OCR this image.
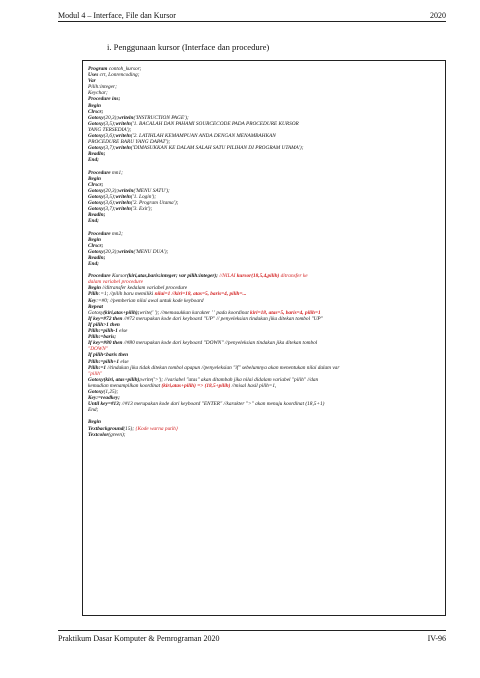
Modul 4 – Interface, File dan Kursor	2020
i. Penggunaan kursor (Interface dan procedure)
Program contoh_kursor;
Uses crt, Lonrencoding;
Var
Pilih:integer;
Keychar;
Procedure ins;
Begin
Clrscr;
Gotoxy(20,3);writeln('INSTRUCTION PAGE');
Gotoxy(3,5);writeln('1. BACALAH DAN PAHAMI SOURCECODE PADA PROCEDURE KURSOR
YANG TERSEDIA');
Gotoxy(3,6);writeln('2. LATIHLAH KEMAMPUAN ANDA DENGAN MENAMBAHKAN
PROCEDURE BARU YANG DAPAT');
Gotoxy(3,7);writeln('DIMASUKKAN KE DALAM SALAH SATU PILIHAN DI PROGRAM UTAMA');
Readln;
End;
Procedure mn1;
Begin
Clrscr;
Gotoxy(20,3);writeln('MENU SATU');
Gotoxy(3,5);writeln('1. Login');
Gotoxy(3,6);writeln('2. Program Utama');
Gotoxy(3,7);writeln('3. Exit');
Readln;
End;
Procedure mn2;
Begin
Clrscr;
Gotoxy(20,3);writeln('MENU DUA');
Readln;
End;
Procedure Kursor(kiri,atas,baris:integer; var pilih:integer); //NILAI kursor(18,5,4,pilih) ditransfer ke
dalam variabel procedure
Begin //ditransfer kedalam variabel procedure
Pilih:=1; //pilih baru memiliki nilai=1 //kiri=18, atas=5, baris=4, pilih=...
Key:=#0; //pemberian nilai awal untuk kode keyboard
Repeat
Gotoxy(kiri,atas+pilih);write(' '); //memasukkan karakter ' ' pada koordinat kiri=18, atas=5, baris=4, pilih=1
If key=#72 then //#72 merupakan kode dari keyboard "UP" // penyeleksian tindakan jika ditekan tombol "UP"
If pilih>1 then
Pilih:=pilih-1 else
Pilih:=baris;
If key=#80 then //#80 merupakan kode dari keyboard "DOWN" //penyeleksian tindakan jika ditekan tombol
"DOWN"
If pilih<baris then
Pilih:=pilih+1 else
Pilih:=1 //tindakan jika tidak ditekan tombol apapun //penyeleksian "if" sebelumnya akan menentukan nilai dalam var
"pilih"
Gotoxy(kiri, atas+pilih);write('>'); //variabel "atas" akan ditambah jika nilai didalam variabel "pilih" //dan
kemudian menampilkan koordinat (kiri,atas+pilih) => (18,5+pilih) //misal hasil pilih=1,
Gotoxy(1,25);
Key:=readkey;
Until key=#13; //#13 merupakan kode dari keyboard "ENTER" //karakter ">" akan menuju koordinat (18,5+1)
End;
Begin
Textbackground(15); {Kode warna putih}
Textcolor(green);
Praktikum Dasar Komputer & Pemrograman 2020	IV-96
